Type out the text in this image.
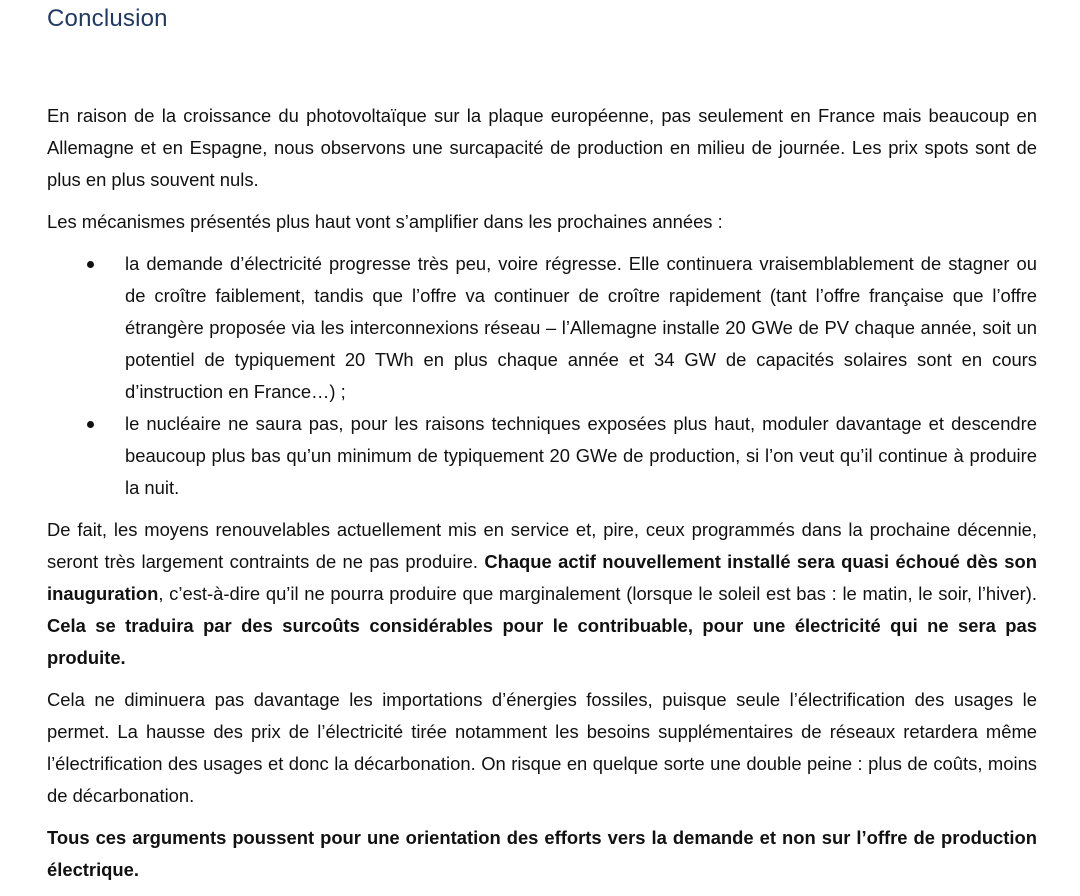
Conclusion

En raison de la croissance du photovoltaïque sur la plaque européenne, pas seulement en France mais beaucoup en Allemagne et en Espagne, nous observons une surcapacité de production en milieu de journée. Les prix spots sont de plus en plus souvent nuls.

Les mécanismes présentés plus haut vont s’amplifier dans les prochaines années :

la demande d’électricité progresse très peu, voire régresse. Elle continuera vraisemblablement de stagner ou de croître faiblement, tandis que l’offre va continuer de croître rapidement (tant l’offre française que l’offre étrangère proposée via les interconnexions réseau – l’Allemagne installe 20 GWe de PV chaque année, soit un potentiel de typiquement 20 TWh en plus chaque année et 34 GW de capacités solaires sont en cours d’instruction en France…) ;
le nucléaire ne saura pas, pour les raisons techniques exposées plus haut, moduler davantage et descendre beaucoup plus bas qu’un minimum de typiquement 20 GWe de production, si l’on veut qu’il continue à produire la nuit.

De fait, les moyens renouvelables actuellement mis en service et, pire, ceux programmés dans la prochaine décennie, seront très largement contraints de ne pas produire. Chaque actif nouvellement installé sera quasi échoué dès son inauguration, c’est-à-dire qu’il ne pourra produire que marginalement (lorsque le soleil est bas : le matin, le soir, l’hiver). Cela se traduira par des surcoûts considérables pour le contribuable, pour une électricité qui ne sera pas produite.

Cela ne diminuera pas davantage les importations d’énergies fossiles, puisque seule l’électrification des usages le permet. La hausse des prix de l’électricité tirée notamment les besoins supplémentaires de réseaux retardera même l’électrification des usages et donc la décarbonation. On risque en quelque sorte une double peine : plus de coûts, moins de décarbonation.

Tous ces arguments poussent pour une orientation des efforts vers la demande et non sur l’offre de production électrique.
